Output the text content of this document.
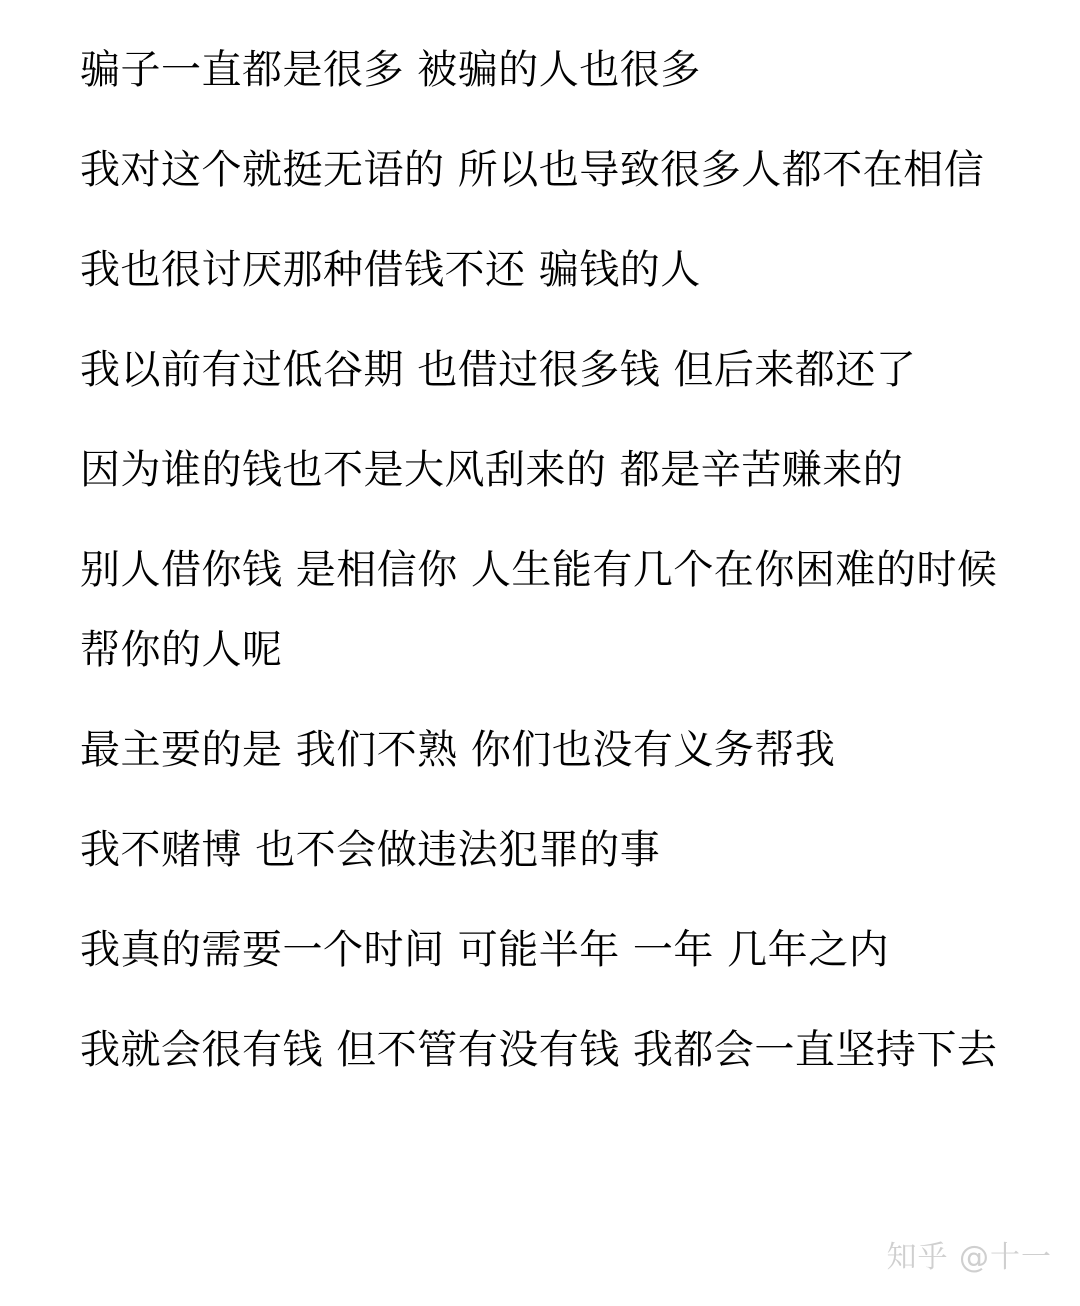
骗子一直都是很多 被骗的人也很多

我对这个就挺无语的 所以也导致很多人都不在相信

我也很讨厌那种借钱不还 骗钱的人

我以前有过低谷期 也借过很多钱 但后来都还了

因为谁的钱也不是大风刮来的 都是辛苦赚来的

别人借你钱 是相信你 人生能有几个在你困难的时候 帮你的人呢

最主要的是 我们不熟 你们也没有义务帮我

我不赌博 也不会做违法犯罪的事

我真的需要一个时间 可能半年 一年 几年之内

我就会很有钱 但不管有没有钱 我都会一直坚持下去

知乎 @十一
